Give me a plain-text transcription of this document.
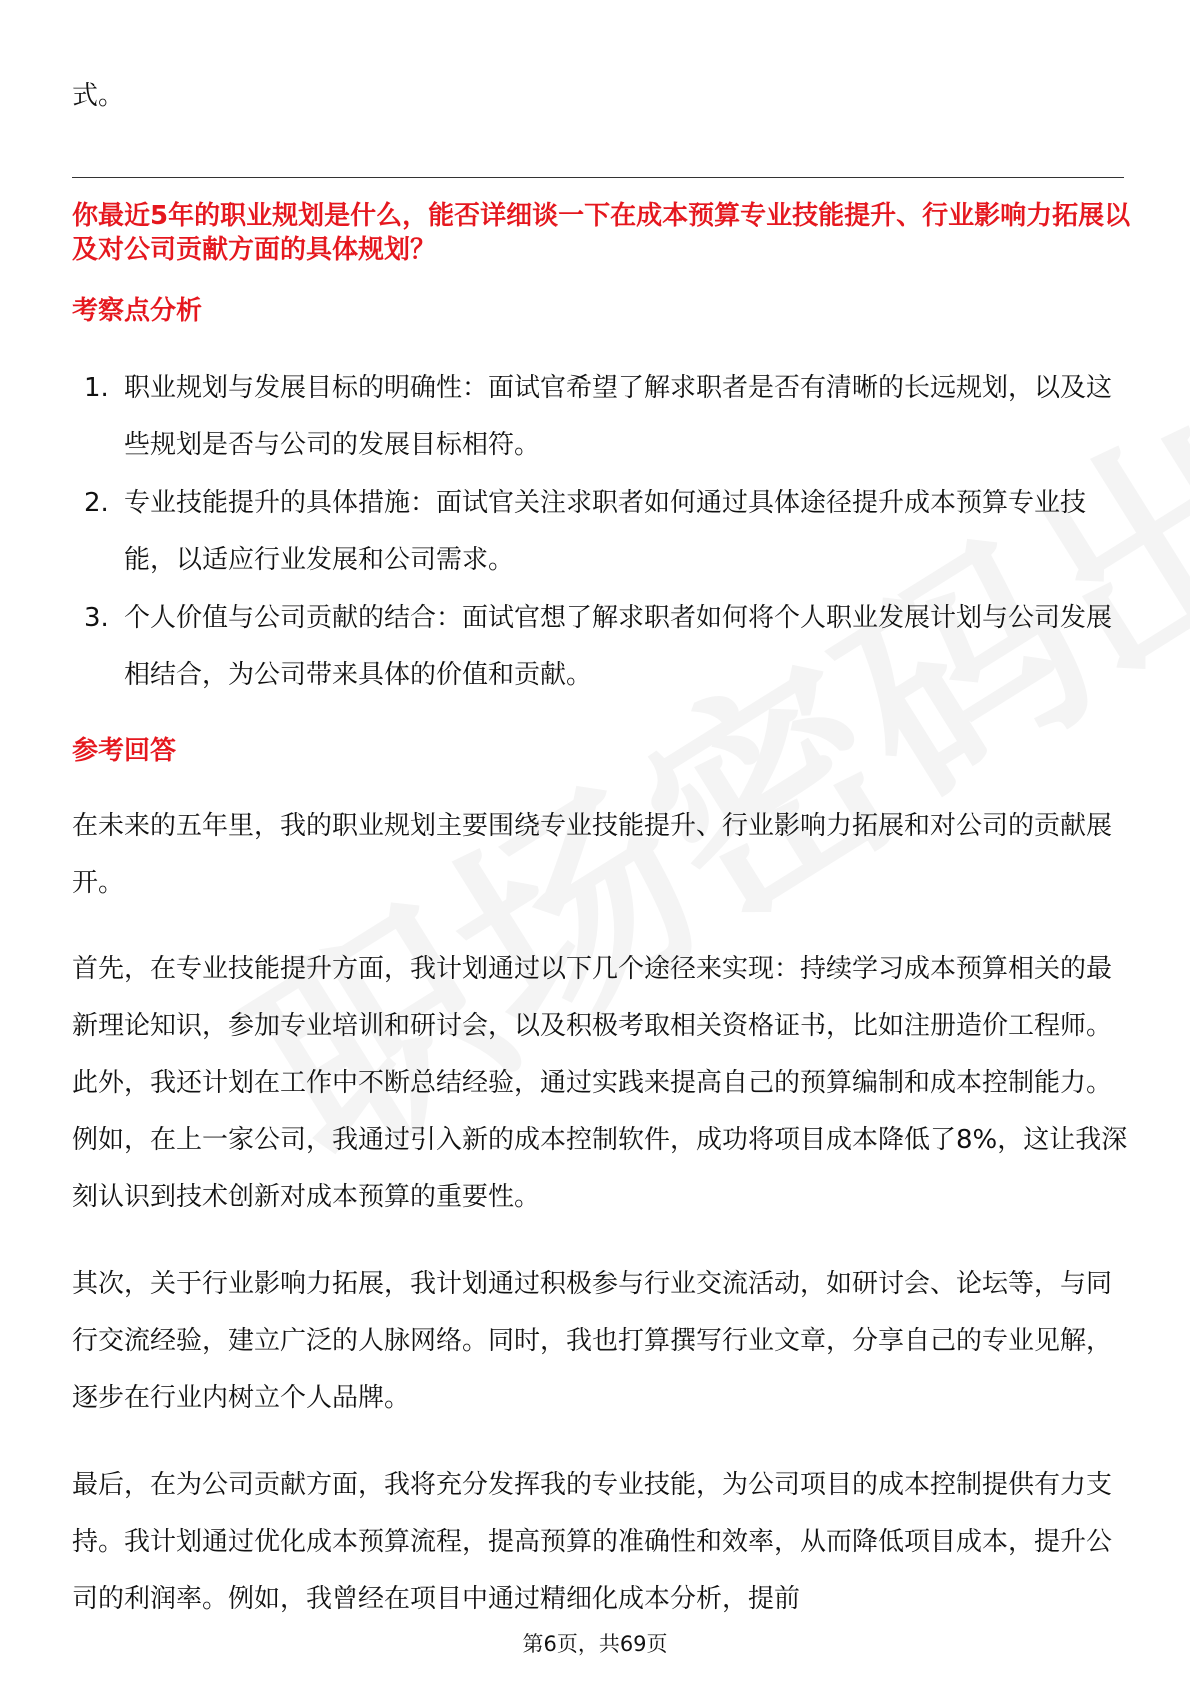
式。
你最近5年的职业规划是什么，能否详细谈一下在成本预算专业技能提升、行业影响力拓展以及对公司贡献方面的具体规划？
考察点分析
1. 职业规划与发展目标的明确性：面试官希望了解求职者是否有清晰的长远规划，以及这些规划是否与公司的发展目标相符。
2. 专业技能提升的具体措施：面试官关注求职者如何通过具体途径提升成本预算专业技能，以适应行业发展和公司需求。
3. 个人价值与公司贡献的结合：面试官想了解求职者如何将个人职业发展计划与公司发展相结合，为公司带来具体的价值和贡献。
参考回答

在未来的五年里，我的职业规划主要围绕专业技能提升、行业影响力拓展和对公司的贡献展开。

首先，在专业技能提升方面，我计划通过以下几个途径来实现：持续学习成本预算相关的最新理论知识，参加专业培训和研讨会，以及积极考取相关资格证书，比如注册造价工程师。此外，我还计划在工作中不断总结经验，通过实践来提高自己的预算编制和成本控制能力。例如，在上一家公司，我通过引入新的成本控制软件，成功将项目成本降低了8%，这让我深刻认识到技术创新对成本预算的重要性。

其次，关于行业影响力拓展，我计划通过积极参与行业交流活动，如研讨会、论坛等，与同行交流经验，建立广泛的人脉网络。同时，我也打算撰写行业文章，分享自己的专业见解，逐步在行业内树立个人品牌。

最后，在为公司贡献方面，我将充分发挥我的专业技能，为公司项目的成本控制提供有力支持。我计划通过优化成本预算流程，提高预算的准确性和效率，从而降低项目成本，提升公司的利润率。例如，我曾经在项目中通过精细化成本分析，提前

第6页，共69页
